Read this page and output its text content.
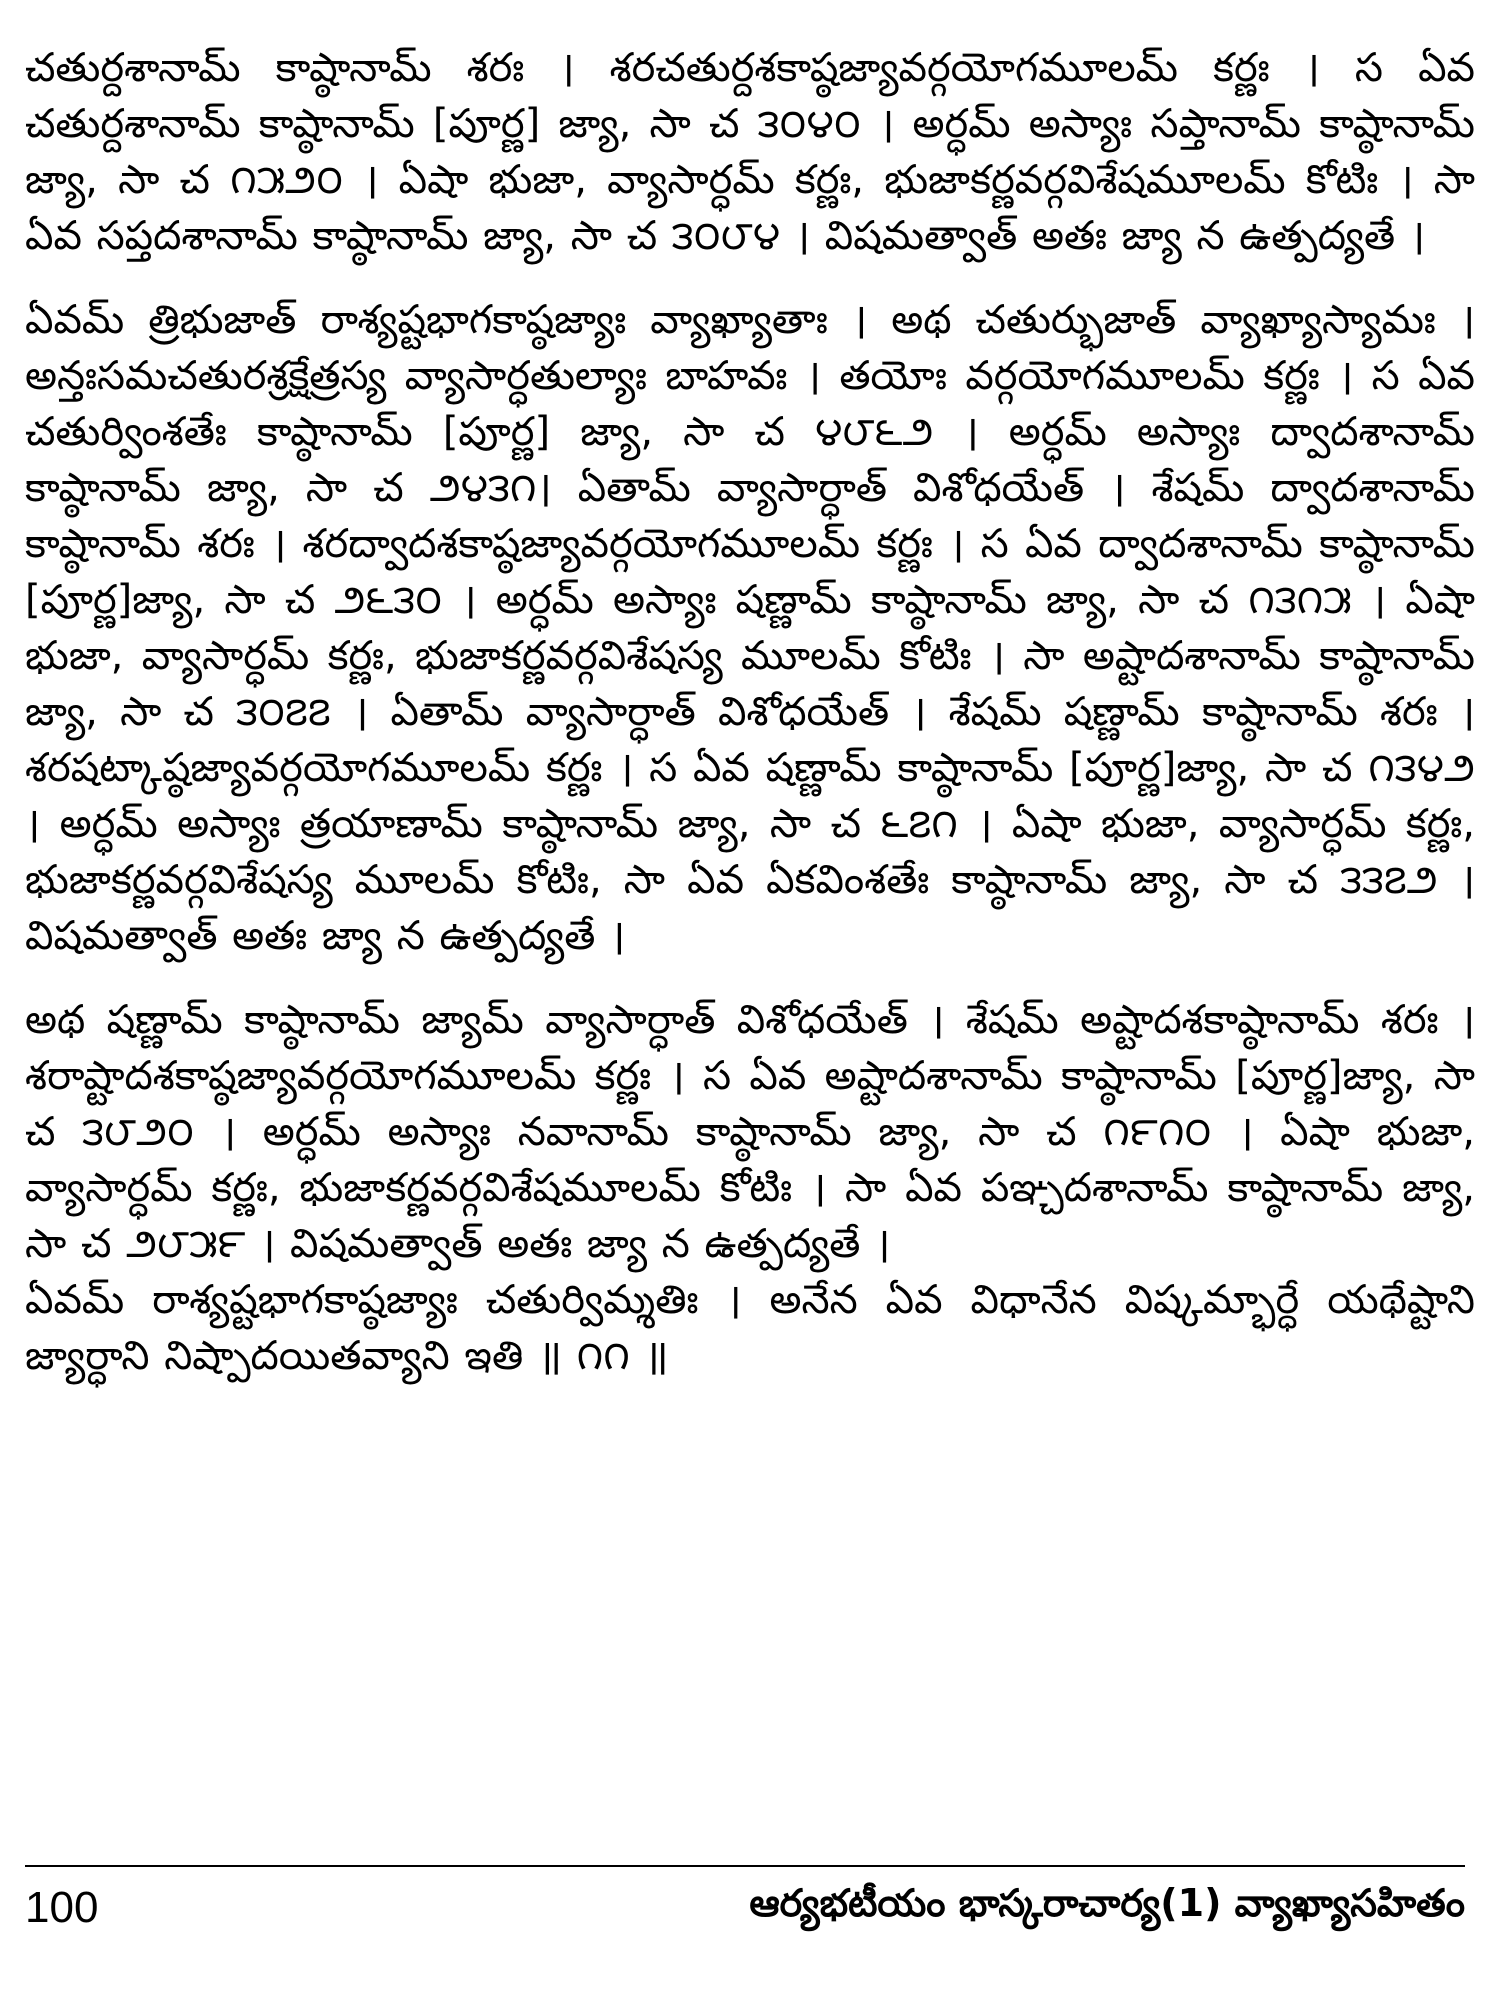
చతుర్దశానామ్ కాష్ఠానామ్ శరః । శరచతుర్దశకాష్ఠజ్యావర్గయోగమూలమ్ కర్ణః । స ఏవ చతుర్దశానామ్ కాష్ఠానామ్ [పూర్ణ] జ్యా, సా చ ౩౦౪౦ । అర్ధమ్ అస్యాః సప్తానామ్ కాష్ఠానామ్ జ్యా, సా చ ౧౫౨౦ । ఏషా భుజా, వ్యాసార్ధమ్ కర్ణః, భుజాకర్ణవర్గవిశేషమూలమ్ కోటిః । సా ఏవ సప్తదశానామ్ కాష్ఠానామ్ జ్యా, సా చ ౩౦౮౪ । విషమత్వాత్ అతః జ్యా న ఉత్పద్యతే ।

ఏవమ్ త్రిభుజాత్ రాశ్యష్టభాగకాష్ఠజ్యాః వ్యాఖ్యాతాః । అథ చతుర్భుజాత్ వ్యాఖ్యాస్యామః । అన్తఃసమచతురశ్రక్షేత్రస్య వ్యాసార్ధతుల్యాః బాహవః । తయోః వర్గయోగమూలమ్ కర్ణః । స ఏవ చతుర్వింశతేః కాష్ఠానామ్ [పూర్ణ] జ్యా, సా చ ౪౮౬౨ । అర్ధమ్ అస్యాః ద్వాదశానామ్ కాష్ఠానామ్ జ్యా, సా చ ౨౪౩౧। ఏతామ్ వ్యాసార్ధాత్ విశోధయేత్ । శేషమ్ ద్వాదశానామ్ కాష్ఠానామ్ శరః । శరద్వాదశకాష్ఠజ్యావర్గయోగమూలమ్ కర్ణః । స ఏవ ద్వాదశానామ్ కాష్ఠానామ్ [పూర్ణ]జ్యా, సా చ ౨౬౩౦ । అర్ధమ్ అస్యాః షణ్ణామ్ కాష్ఠానామ్ జ్యా, సా చ ౧౩౧౫ । ఏషా భుజా, వ్యాసార్ధమ్ కర్ణః, భుజాకర్ణవర్గవిశేషస్య మూలమ్ కోటిః । సా అష్టాదశానామ్ కాష్ఠానామ్ జ్యా, సా చ ౩౦౭౭ । ఏతామ్ వ్యాసార్ధాత్ విశోధయేత్ । శేషమ్ షణ్ణామ్ కాష్ఠానామ్ శరః । శరషట్కాష్ఠజ్యావర్గయోగమూలమ్ కర్ణః । స ఏవ షణ్ణామ్ కాష్ఠానామ్ [పూర్ణ]జ్యా, సా చ ౧౩౪౨ । అర్ధమ్ అస్యాః త్రయాణామ్ కాష్ఠానామ్ జ్యా, సా చ ౬౭౧ । ఏషా భుజా, వ్యాసార్ధమ్ కర్ణః, భుజాకర్ణవర్గవిశేషస్య మూలమ్ కోటిః, సా ఏవ ఏకవింశతేః కాష్ఠానామ్ జ్యా, సా చ ౩౩౭౨ । విషమత్వాత్ అతః జ్యా న ఉత్పద్యతే ।

అథ షణ్ణామ్ కాష్ఠానామ్ జ్యామ్ వ్యాసార్ధాత్ విశోధయేత్ । శేషమ్ అష్టాదశకాష్ఠానామ్ శరః । శరాష్టాదశకాష్ఠజ్యావర్గయోగమూలమ్ కర్ణః । స ఏవ అష్టాదశానామ్ కాష్ఠానామ్ [పూర్ణ]జ్యా, సా చ ౩౮౨౦ । అర్ధమ్ అస్యాః నవానామ్ కాష్ఠానామ్ జ్యా, సా చ ౧౯౧౦ । ఏషా భుజా, వ్యాసార్ధమ్ కర్ణః, భుజాకర్ణవర్గవిశేషమూలమ్ కోటిః । సా ఏవ పఞ్చదశానామ్ కాష్ఠానామ్ జ్యా, సా చ ౨౮౫౯ । విషమత్వాత్ అతః జ్యా న ఉత్పద్యతే ।

ఏవమ్ రాశ్యష్టభాగకాష్ఠజ్యాః చతుర్విమ్శతిః । అనేన ఏవ విధానేన విష్కమ్భార్ధే యథేష్టాని జ్యార్ధాని నిష్పాదయితవ్యాని ఇతి ॥ ౧౧ ॥

100	ఆర్యభటీయం భాస్కరాచార్య(1) వ్యాఖ్యాసహితం
